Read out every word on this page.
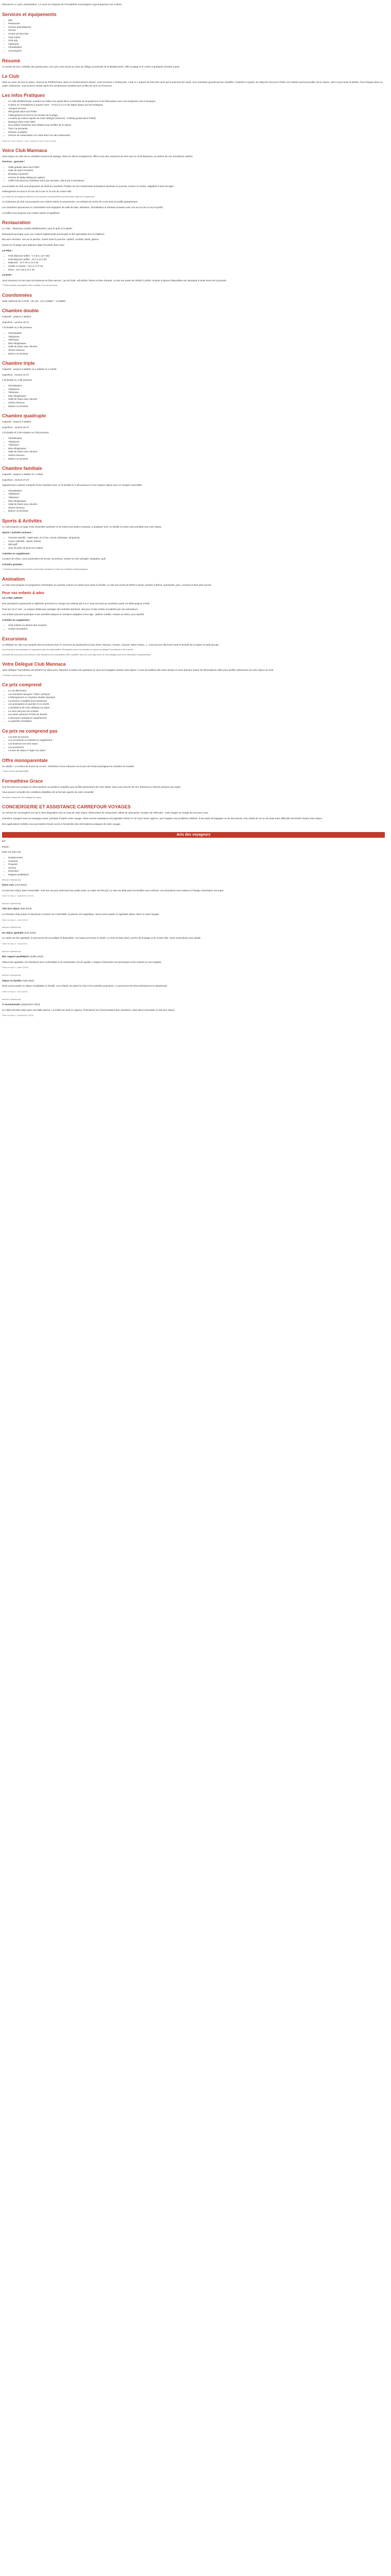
Découvrez Le Lyrio, présentation : Le Lyrio se compose du Formathèse Conciergerie Loge Expansion Axe Culture

Services et équipements
• Wifi
• Restaurant
• Service petit-déjeuner
• Piscine
• Centre de bien-être
• Club enfant
• Club ado
• Télévision
• Climatisation
• Conciergerie
Résumé

Le terrain de tout 1 hôtelier des grands pins, Les Lyrio vous reçoit au cœur du village à proximité de la Méditerranée, offre la plage et le centre à quelques minutes à pied.

Le Club

Situé au cœur du tout la nature, réserve sa Perifhermane, dans un environnement arboré, vous trouverez 1 Restaurant, 1 bar et 1 espace de bien-être ainsi qu'un parcours de santé. Une animation grande piscine chauffée. 3 bassins et sports. En dépit de l'accueil à l'hôtel, les enfants pourront profiter de la nature, 100 % pour toute la famille. Pour l'équipe dans un cadre chaleureux, vous pourrez choisir parmi les nombreuses activités avec la fête de Lyrio en Provence.

Les infos Pratiques
• Le Club Méditerranéen soutient au milieu d'un jardin fleuri à proximité de Roquebrune et de Plascassier avec son restaurant, bar et boutique.
• Cuisine (cf. Prestations) à travers notre - 70 km (1 à 2 h de trajet) cliquer sur les boutiques
• Aéroport de Nice
• Wifi gratuit dans tout l'hôtel
• Hébergement en bord à 10 minutes de la plage
• Location de voiture auprès de notre délégué (réservez : Parking gratuit dans l'hôtel)
• Boutique dans votre hôtel
• Nos petites chambres sont idéales pour profiter de la nature
• Tout à la demande
• Pension complète
• Service de restauration à la carte dans l'un des restaurants

Réservez votre départ: 7 jours minimum avant votre arrivée

Voice Club Mannaca

Votre séjour au club est un véritable moment de partage. Dans un décor exceptionnel, offrez-vous des vacances de rêve avec le Club Mannaca, au rythme de nos animations variées.

Services : gourmet *

• Salle gratuite dans tout l'hôtel
• Salle de sport et balnéo
• Boutique souvenirs
• Service de Baby-Sitting (en option)
• Coffre-fort dans les chambres (20 € par semaine, 250 € par 2 semaines)

Les activités du club sont proposées du lundi au vendredi. Profitez de nos nombreuses animations sportives en journée comme en soirée, adaptées à tous les âges.

Hébergement en bord à 10 min de la mer et 15 min du centre-ville.

Les chambres de catégorie différente sont soumises à disponibilité et peuvent faire l'objet d'un supplément.

Le restaurant du club vous propose une cuisine variée et savoureuse. Les enfants de moins de 4 ans sont accueillis gratuitement.

Les chambres spacieuses et confortables sont équipées de salle de bain, télévision, climatisation et terrasse privative avec vue sur la mer ou sur le jardin.

Le buffet vous propose une cuisine variée et équilibrée.

Restauration

Le Club : *Mannaca Cuisine Méditerranée* pour le goût et le plaisir.

Restaurant principal, pour une cuisine traditionnelle provençale et des spécialités d'ici et d'ailleurs.

Bar avec terrasse, vue sur la piscine, ouvert toute la journée. Apéritif, cocktail, snack, glaces.

Snack sur la plage pour déjeuner léger les pieds dans l'eau.

LE PRIX *

• Petit déjeuner buffet : 7 € (8 €, 12 h 00)
• Petit déjeuner buffet : 14 h à 11 h 00
• Déjeuner : 12 h 30 à 14 h 00
• Goûter à volonté : 16 h à 17 h 30
• Dîner : 19 h 30 à 21 h 30

LE BAR *

Vous trouverez un bar avec les boissons en libre-service : jus de fruits, soft drinks, bières et bien d'autres. Le bar est ouvert de 10h00 à 23h00. Snacks et glaces disponibles sur demande à toute heure de la journée.

* Tarifs indicatifs susceptibles d'être modifiés. Prix par personne.

Coordonnées

4050 AVENUE DU LYRIO - 06 110 - LE CANNET - CANNES

Chambre double

Capacité : jusqu'à 2 adultes

Superficie : environ 19 m²

1 lit double ou 2 lits jumeaux

• Climatisation
• Téléphone
• Télévision
• Mini-réfrigérateur
• Salle de bains avec douche
• Sèche-cheveux
• Balcon ou terrasse
Chambre triple

Capacité : jusqu'à 3 adultes ou 2 adultes et 1 enfant

Superficie : environ 22 m²

1 lit double ou 3 lits jumeaux

• Climatisation
• Téléphone
• Télévision
• Mini-réfrigérateur
• Salle de bains avec douche
• Sèche-cheveux
• Balcon ou terrasse
Chambre quadruple

Capacité : jusqu'à 4 adultes

Superficie : environ 30 m²

1 lit double et 2 lits simples ou 4 lits jumeaux

• Climatisation
• Téléphone
• Télévision
• Mini-réfrigérateur
• Salle de bains avec douche
• Sèche-cheveux
• Balcon ou terrasse
Chambre familiale

Capacité : jusqu'à 4 adultes et 1 enfant

Superficie : environ 37 m²

Appartement 2 pièces composé d'une chambre avec un lit double ou 2 lits jumeaux et d'un espace séjour avec un canapé convertible

• Climatisation
• Téléphone
• Télévision
• Mini-réfrigérateur
• Salle de bains avec douche
• Sèche-cheveux
• Balcon ou terrasse
Sports & Activités

Le club propose un large choix d'activités sportives et de loisirs pour petits et grands, à pratiquer seul, en famille ou entre amis pendant tout votre séjour.

Sports / activités incluses :

• Tournois sportifs : water-polo, tir à l'arc, tennis, pétanque, ping-pong
• Cours collectifs : danse, fitness
• Mini-golf
• Jeux de plein air pour les enfants

Activités en supplément :

Location de vélos, cours particuliers de tennis, excursions, sorties en mer, plongée, équitation, golf.

Activités gratuites

* Certaines activités sont soumises à réservation préalable et selon les conditions météorologiques.

Animation

Le club vous propose un programme d'animation en journée comme en soirée pour toute la famille. Le club est ouvert de 9h00 à minuit. Soirées à thème, spectacles, jeux, concerts et bien plus encore.

Pour vos enfants & ados

LE LYRIO JUNIOR

Des animateurs passionnés et diplômés prennent en charge vos enfants (de 3 à 17 ans) du lundi au vendredi à partir de 9h00 jusqu'à 17h30.

Pour les 13-17 ans : un espace dédié pour partager des activités sportives, des jeux et des sorties encadrées par nos animateurs.

Les enfants peuvent participer à des activités ludiques et créatives adaptées à leur âge : ateliers créatifs, chasse au trésor, jeux sportifs.

Activités en supplément :

• Club enfants en dehors des horaires
• Sorties encadrées
Excursions

Le délégué du club vous propose des excursions avec le concours de partenaires locaux (Nice, Monaco, Grasse, Cannes, Saint-Tropez...) ; vous pouvez découvrir toute la beauté de la région en petit groupe.

Les excursions sont payantes et s'organisent selon les disponibilités. Renseignez-vous à la réception ou auprès du délégué Formathèse à votre arrivée.

Les tarifs des excursions sont donnés à titre indicatif et sont susceptibles d'être modifiés. Merci de vous rapprocher de votre délégué pour toute information complémentaire.

Votre Délégué Club Mannaca

Votre délégué Formathèse est présent sur place pour répondre à toutes vos questions et vous accompagner durant votre séjour. Il vous accueillera dès votre arrivée et vous donnera toutes les informations utiles pour profiter pleinement de votre séjour au club.

* Horaires communiqués sur place.

Ce prix comprend
• Le vol aller/retour
• Les transferts aéroport / hôtel / aéroport
• L'hébergement en chambre double standard
• La pension complète (hors boissons)
• Les animations en journée et en soirée
• L'assistance de notre délégué sur place
• Le mini-club pour les enfants
• Les taxes aéroport et frais de dossier
• L'assurance assistance rapatriement
• La garantie annulation
Ce prix ne comprend pas
• Les frais de service
• Les excursions et activités en supplément
• Les boissons lors des repas
• Les pourboires
• La taxe de séjour à régler sur place
Offre monoparentale

Un adulte + un enfant de moins de 12 ans : bénéficiez d'une réduction sur le prix de l'enfant partageant la chambre de l'adulte.

* Sous réserve de disponibilité.

Formathèse Grace

Une formule tout compris en demi-pension ou pension complète pour profiter pleinement de votre séjour sans vous soucier de rien. Boissons à volonté incluses aux repas.

Vous pouvez consulter les conditions détaillées de la formule auprès de votre conseiller.

Inscription auprès de votre délégué sur place.

CONCIERGERIE ET ASSISTANCE CARREFOUR VOYAGES

Un service de conciergerie est mis à votre disposition tout au long de votre séjour. Réservation de restaurants, billets de spectacles, location de véhicules : notre équipe se charge de tout pour vous.

Carrefour Voyages vous accompagne avant, pendant et après votre voyage. Notre service assistance est joignable 24h/24 et 7j/7 pour toute urgence, qu'il s'agisse d'un problème médical, d'une perte de bagages ou de documents, d'un retard de vol ou de toute autre difficulté rencontrée durant votre séjour.

Des applications mobiles vous permettent d'avoir accès à l'ensemble des informations pratiques de votre voyage.

Avis des voyageurs

3,7

Moyen

basé sur 425 Avis

• Emplacement
• Chambre
• Propreté
• Service
• Nourriture
• Rapport qualité/prix

Avis sur 5 (terrain du)

bien!! Avis (Avril 2023)

Un très bon séjour dans l'ensemble. Très bon accueil, personnel aux petits soins, le cadre est très joli. Le club est idéal pour les familles avec enfants. Les animations sont variées et l'équipe d'animation est super.

Date du séjour : septembre (2023)

Avis sur 5 (terrain du)

Très bon séjour (Mai 2023)

La chambre était propre et spacieuse, la literie est confortable, la piscine est magnifique. Nous avons passé un agréable séjour. Merci à toute l'équipe.

Date du séjour : août (2023)

Avis sur 5 (terrain du)

Un séjour agréable (Juin 2023)

Le cadre est très agréable, le personnel est accueillant et disponible. Les repas sont bons et variés. Le club est bien situé, proche de la plage et du centre-ville. Nous reviendrons avec plaisir.

Date du séjour : mai (2023)

Avis sur 5 (terrain du)

Bon rapport qualité/prix (Juillet 2023)

Séjour très agréable, les chambres sont confortables et la restauration est de qualité. L'équipe d'animation est dynamique et les enfants se sont régalés.

Date du séjour : juillet (2023)

Avis sur 5 (terrain du)

Séjour en famille (Août 2023)

Nous avons passé un séjour inoubliable en famille. Les enfants ont adoré le club et les activités proposées. Le personnel est très professionnel et attentionné.

Date du séjour : août (2023)

Avis sur 5 (terrain du)

À recommander (Septembre 2023)

Un hôtel très bien situé avec une belle piscine. Le buffet est varié et copieux. Petit bémol sur l'insonorisation des chambres, mais dans l'ensemble un très bon séjour.

Date du séjour : septembre (2023)
